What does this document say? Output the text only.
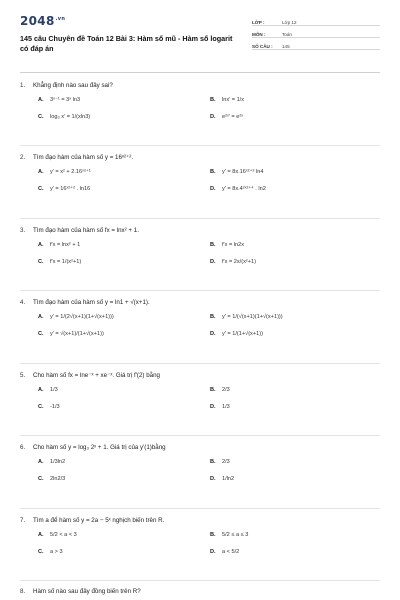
$2048^{.vn}$
145 câu Chuyên đề Toán 12 Bài 3: Hàm số mũ - Hàm số logarit có đáp án
LỚP :	Lớp 12
MÔN :	Toán
SỐ CÂU :	145
1.	Khẳng định nào sau đây sai?
A. 3ˣ⁻¹ = 3ˣ ln3	B. lnx′ = 1/x
C. log₃ x′ = 1/(xln3)	D. e²ˣ′ = e²ˣ
2.	Tìm đạo hàm của hàm số y = 16ˣ²⁺².
A. y′ = x² + 2.16ˣ²⁺¹	B. y′ = 8x.16ˣ²⁺² ln4
C. y′ = 16ˣ²⁺² . ln16	D. y′ = 8x.4²ˣ²⁺⁴ . ln2
3.	Tìm đạo hàm của hàm số fx = lnx² + 1.
A. f′x = lnx² + 1	B. f′x = ln2x
C. f′x = 1/(x²+1)	D. f′x = 2x/(x²+1)
4.	Tìm đạo hàm của hàm số y = ln1 + √(x+1).
A. y′ = 1/(2√(x+1)(1+√(x+1)))	B. y′ = 1/(√(x+1)(1+√(x+1)))
C. y′ = √(x+1)/(1+√(x+1))	D. y′ = 1/(1+√(x+1))
5.	Cho hàm số fx = lne⁻ˣ + xe⁻ˣ. Giá trị f′(2) bằng
A. 1/3	B. 2/3
C. -1/3	D. 1/3
6.	Cho hàm số y = log₃ 2ˣ + 1. Giá trị của y′(1)bằng
A. 1/3ln2	B. 2/3
C. 2ln2/3	D. 1/ln2
7.	Tìm a để hàm số y = 2a − 5ˣ nghịch biến trên R.
A. 5/2 < a < 3	B. 5/2 ≤ a ≤ 3
C. a > 3	D. a < 5/2
8.	Hàm số nào sau đây đồng biến trên R?
